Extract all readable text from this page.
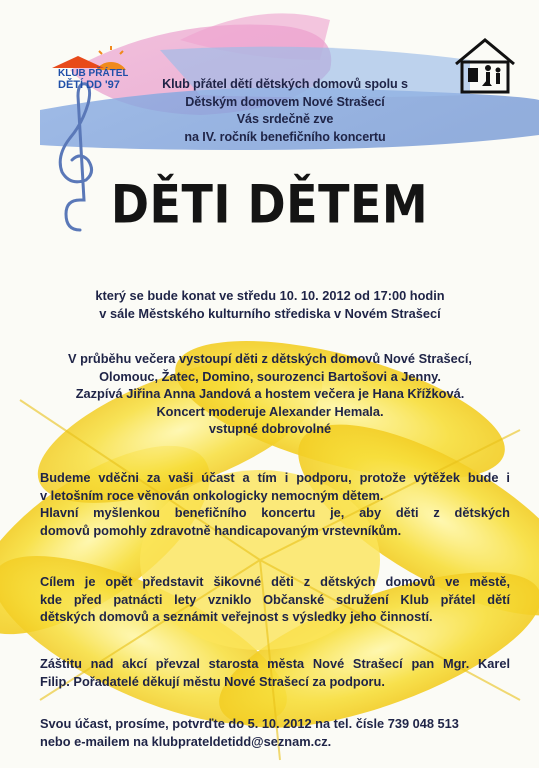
KLUB PŘÁTEL
DĚTÍ DD '97	Klub přátel dětí dětských domovů spolu s
Dětským domovem Nové Strašecí
Vás srdečně zve
na IV. ročník benefičního koncertu
DĚTI DĚTEM
který se bude konat ve středu 10. 10. 2012 od 17:00 hodin
v sále Městského kulturního střediska v Novém Strašecí
V průběhu večera vystoupí děti z dětských domovů Nové Strašecí,
Olomouc, Žatec, Domino, sourozenci Bartošovi a Jenny.
Zazpívá Jiřina Anna Jandová a hostem večera je Hana Křížková.
Koncert moderuje Alexander Hemala.
vstupné dobrovolné
Budeme vděčni za vaši účast a tím i podporu, protože výtěžek bude i
v letošním roce věnován onkologicky nemocným dětem.
Hlavní myšlenkou benefičního koncertu je, aby děti z dětských
domovů pomohly zdravotně handicapovaným vrstevníkům.
Cílem je opět představit šikovné děti z dětských domovů ve městě,
kde před patnácti lety vzniklo Občanské sdružení Klub přátel dětí
dětských domovů a seznámit veřejnost s výsledky jeho činností.
Záštitu nad akcí převzal starosta města Nové Strašecí pan Mgr. Karel
Filip. Pořadatelé děkují městu Nové Strašecí za podporu.
Svou účast, prosíme, potvrďte do 5. 10. 2012 na tel. čísle 739 048 513
nebo e-mailem na klubprateldetidd@seznam.cz.
